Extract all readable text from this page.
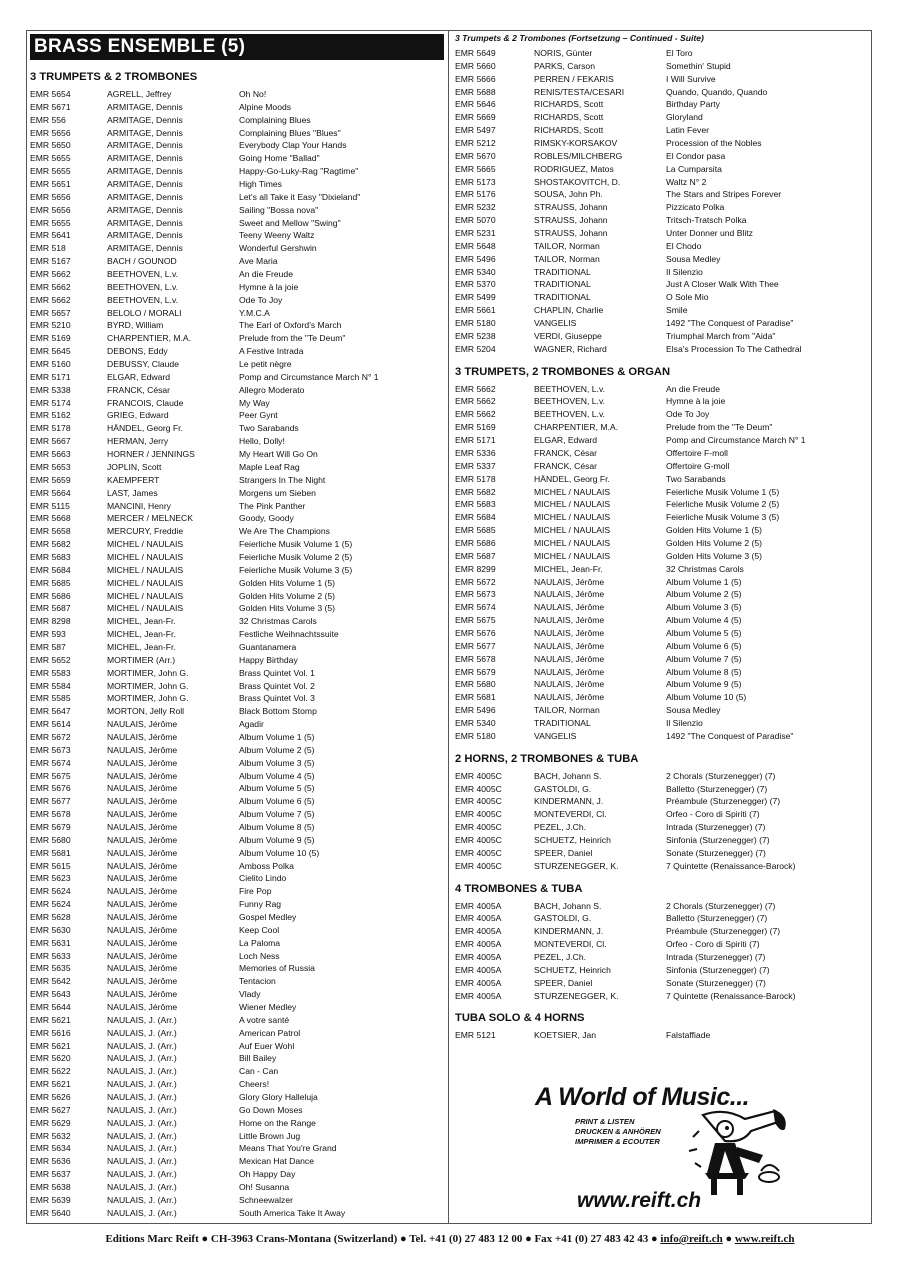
BRASS ENSEMBLE (5)
3 TRUMPETS & 2 TROMBONES
EMR 5654	AGRELL, Jeffrey	Oh No!
EMR 5671	ARMITAGE, Dennis	Alpine Moods
EMR 556	ARMITAGE, Dennis	Complaining Blues
EMR 5656	ARMITAGE, Dennis	Complaining Blues "Blues"
EMR 5650	ARMITAGE, Dennis	Everybody Clap Your Hands
EMR 5655	ARMITAGE, Dennis	Going Home "Ballad"
EMR 5655	ARMITAGE, Dennis	Happy-Go-Luky-Rag "Ragtime"
EMR 5651	ARMITAGE, Dennis	High Times
EMR 5656	ARMITAGE, Dennis	Let's all Take it Easy "Dixieland"
EMR 5656	ARMITAGE, Dennis	Sailing "Bossa nova"
EMR 5655	ARMITAGE, Dennis	Sweet and Mellow "Swing"
EMR 5641	ARMITAGE, Dennis	Teeny Weeny Waltz
EMR 518	ARMITAGE, Dennis	Wonderful Gershwin
EMR 5167	BACH / GOUNOD	Ave Maria
EMR 5662	BEETHOVEN, L.v.	An die Freude
EMR 5662	BEETHOVEN, L.v.	Hymne à la joie
EMR 5662	BEETHOVEN, L.v.	Ode To Joy
EMR 5657	BELOLO / MORALI	Y.M.C.A
EMR 5210	BYRD, William	The Earl of Oxford's March
EMR 5169	CHARPENTIER, M.A.	Prelude from the "Te Deum"
EMR 5645	DEBONS, Eddy	A Festive Intrada
EMR 5160	DEBUSSY, Claude	Le petit nègre
EMR 5171	ELGAR, Edward	Pomp and Circumstance March N° 1
EMR 5338	FRANCK, César	Allegro Moderato
EMR 5174	FRANCOIS, Claude	My Way
EMR 5162	GRIEG, Edward	Peer Gynt
EMR 5178	HÄNDEL, Georg Fr.	Two Sarabands
EMR 5667	HERMAN, Jerry	Hello, Dolly!
EMR 5663	HORNER / JENNINGS	My Heart Will Go On
EMR 5653	JOPLIN, Scott	Maple Leaf Rag
EMR 5659	KAEMPFERT	Strangers In The Night
EMR 5664	LAST, James	Morgens um Sieben
EMR 5115	MANCINI, Henry	The Pink Panther
EMR 5668	MERCER / MELNECK	Goody, Goody
EMR 5658	MERCURY, Freddie	We Are The Champions
EMR 5682	MICHEL / NAULAIS	Feierliche Musik Volume 1 (5)
EMR 5683	MICHEL / NAULAIS	Feierliche Musik Volume 2 (5)
EMR 5684	MICHEL / NAULAIS	Feierliche Musik Volume 3 (5)
EMR 5685	MICHEL / NAULAIS	Golden Hits Volume 1 (5)
EMR 5686	MICHEL / NAULAIS	Golden Hits Volume 2 (5)
EMR 5687	MICHEL / NAULAIS	Golden Hits Volume 3 (5)
EMR 8298	MICHEL, Jean-Fr.	32 Christmas Carols
EMR 593	MICHEL, Jean-Fr.	Festliche Weihnachtssuite
EMR 587	MICHEL, Jean-Fr.	Guantanamera
EMR 5652	MORTIMER (Arr.)	Happy Birthday
EMR 5583	MORTIMER, John G.	Brass Quintet Vol. 1
EMR 5584	MORTIMER, John G.	Brass Quintet Vol. 2
EMR 5585	MORTIMER, John G.	Brass Quintet Vol. 3
EMR 5647	MORTON, Jelly Roll	Black Bottom Stomp
EMR 5614	NAULAIS, Jérôme	Agadir
EMR 5672	NAULAIS, Jérôme	Album Volume 1 (5)
EMR 5673	NAULAIS, Jérôme	Album Volume 2 (5)
EMR 5674	NAULAIS, Jérôme	Album Volume 3 (5)
EMR 5675	NAULAIS, Jérôme	Album Volume 4 (5)
EMR 5676	NAULAIS, Jérôme	Album Volume 5 (5)
EMR 5677	NAULAIS, Jérôme	Album Volume 6 (5)
EMR 5678	NAULAIS, Jérôme	Album Volume 7 (5)
EMR 5679	NAULAIS, Jérôme	Album Volume 8 (5)
EMR 5680	NAULAIS, Jérôme	Album Volume 9 (5)
EMR 5681	NAULAIS, Jérôme	Album Volume 10 (5)
EMR 5615	NAULAIS, Jérôme	Amboss Polka
EMR 5623	NAULAIS, Jérôme	Cielito Lindo
EMR 5624	NAULAIS, Jérôme	Fire Pop
EMR 5624	NAULAIS, Jérôme	Funny Rag
EMR 5628	NAULAIS, Jérôme	Gospel Medley
EMR 5630	NAULAIS, Jérôme	Keep Cool
EMR 5631	NAULAIS, Jérôme	La Paloma
EMR 5633	NAULAIS, Jérôme	Loch Ness
EMR 5635	NAULAIS, Jérôme	Memories of Russia
EMR 5642	NAULAIS, Jérôme	Tentacion
EMR 5643	NAULAIS, Jérôme	Vlady
EMR 5644	NAULAIS, Jérôme	Wiener Medley
EMR 5621	NAULAIS, J. (Arr.)	A votre santé
EMR 5616	NAULAIS, J. (Arr.)	American Patrol
EMR 5621	NAULAIS, J. (Arr.)	Auf Euer Wohl
EMR 5620	NAULAIS, J. (Arr.)	Bill Bailey
EMR 5622	NAULAIS, J. (Arr.)	Can - Can
EMR 5621	NAULAIS, J. (Arr.)	Cheers!
EMR 5626	NAULAIS, J. (Arr.)	Glory Glory Halleluja
EMR 5627	NAULAIS, J. (Arr.)	Go Down Moses
EMR 5629	NAULAIS, J. (Arr.)	Home on the Range
EMR 5632	NAULAIS, J. (Arr.)	Little Brown Jug
EMR 5634	NAULAIS, J. (Arr.)	Means That You're Grand
EMR 5636	NAULAIS, J. (Arr.)	Mexican Hat Dance
EMR 5637	NAULAIS, J. (Arr.)	Oh Happy Day
EMR 5638	NAULAIS, J. (Arr.)	Oh! Susanna
EMR 5639	NAULAIS, J. (Arr.)	Schneewalzer
EMR 5640	NAULAIS, J. (Arr.)	South America Take It Away
3 Trumpets & 2 Trombones (Fortsetzung – Continued - Suite)
EMR 5649	NORIS, Günter	El Toro
EMR 5660	PARKS, Carson	Somethin' Stupid
EMR 5666	PERREN / FEKARIS	I Will Survive
EMR 5688	RENIS/TESTA/CESARI	Quando, Quando, Quando
EMR 5646	RICHARDS, Scott	Birthday Party
EMR 5669	RICHARDS, Scott	Gloryland
EMR 5497	RICHARDS, Scott	Latin Fever
EMR 5212	RIMSKY-KORSAKOV	Procession of the Nobles
EMR 5670	ROBLES/MILCHBERG	El Condor pasa
EMR 5665	RODRIGUEZ, Matos	La Cumparsita
EMR 5173	SHOSTAKOVITCH, D.	Waltz N° 2
EMR 5176	SOUSA, John Ph.	The Stars and Stripes Forever
EMR 5232	STRAUSS, Johann	Pizzicato Polka
EMR 5070	STRAUSS, Johann	Tritsch-Tratsch Polka
EMR 5231	STRAUSS, Johann	Unter Donner und Blitz
EMR 5648	TAILOR, Norman	El Chodo
EMR 5496	TAILOR, Norman	Sousa Medley
EMR 5340	TRADITIONAL	Il Silenzio
EMR 5370	TRADITIONAL	Just A Closer Walk With Thee
EMR 5499	TRADITIONAL	O Sole Mio
EMR 5661	CHAPLIN, Charlie	Smile
EMR 5180	VANGELIS	1492 "The Conquest of Paradise"
EMR 5238	VERDI, Giuseppe	Triumphal March from "Aida"
EMR 5204	WAGNER, Richard	Elsa's Procession To The Cathedral
3 TRUMPETS, 2 TROMBONES & ORGAN
EMR 5662	BEETHOVEN, L.v.	An die Freude
EMR 5662	BEETHOVEN, L.v.	Hymne à la joie
EMR 5662	BEETHOVEN, L.v.	Ode To Joy
EMR 5169	CHARPENTIER, M.A.	Prelude from the "Te Deum"
EMR 5171	ELGAR, Edward	Pomp and Circumstance March N° 1
EMR 5336	FRANCK, César	Offertoire F-moll
EMR 5337	FRANCK, César	Offertoire G-moll
EMR 5178	HÄNDEL, Georg Fr.	Two Sarabands
EMR 5682	MICHEL / NAULAIS	Feierliche Musik Volume 1 (5)
EMR 5683	MICHEL / NAULAIS	Feierliche Musik Volume 2 (5)
EMR 5684	MICHEL / NAULAIS	Feierliche Musik Volume 3 (5)
EMR 5685	MICHEL / NAULAIS	Golden Hits Volume 1 (5)
EMR 5686	MICHEL / NAULAIS	Golden Hits Volume 2 (5)
EMR 5687	MICHEL / NAULAIS	Golden Hits Volume 3 (5)
EMR 8299	MICHEL, Jean-Fr.	32 Christmas Carols
EMR 5672	NAULAIS, Jérôme	Album Volume 1 (5)
EMR 5673	NAULAIS, Jérôme	Album Volume 2 (5)
EMR 5674	NAULAIS, Jérôme	Album Volume 3 (5)
EMR 5675	NAULAIS, Jérôme	Album Volume 4 (5)
EMR 5676	NAULAIS, Jérôme	Album Volume 5 (5)
EMR 5677	NAULAIS, Jérôme	Album Volume 6 (5)
EMR 5678	NAULAIS, Jérôme	Album Volume 7 (5)
EMR 5679	NAULAIS, Jérôme	Album Volume 8 (5)
EMR 5680	NAULAIS, Jérôme	Album Volume 9 (5)
EMR 5681	NAULAIS, Jérôme	Album Volume 10 (5)
EMR 5496	TAILOR, Norman	Sousa Medley
EMR 5340	TRADITIONAL	Il Silenzio
EMR 5180	VANGELIS	1492 "The Conquest of Paradise"
2 HORNS, 2 TROMBONES & TUBA
EMR 4005C	BACH, Johann S.	2 Chorals (Sturzenegger) (7)
EMR 4005C	GASTOLDI, G.	Balletto (Sturzenegger) (7)
EMR 4005C	KINDERMANN, J.	Préambule (Sturzenegger) (7)
EMR 4005C	MONTEVERDI, Cl.	Orfeo - Coro di Spiriti (7)
EMR 4005C	PEZEL, J.Ch.	Intrada (Sturzenegger) (7)
EMR 4005C	SCHUETZ, Heinrich	Sinfonia (Sturzenegger) (7)
EMR 4005C	SPEER, Daniel	Sonate (Sturzenegger) (7)
EMR 4005C	STURZENEGGER, K.	7 Quintette (Renaissance-Barock)
4 TROMBONES & TUBA
EMR 4005A	BACH, Johann S.	2 Chorals (Sturzenegger) (7)
EMR 4005A	GASTOLDI, G.	Balletto (Sturzenegger) (7)
EMR 4005A	KINDERMANN, J.	Préambule (Sturzenegger) (7)
EMR 4005A	MONTEVERDI, Cl.	Orfeo - Coro di Spiriti (7)
EMR 4005A	PEZEL, J.Ch.	Intrada (Sturzenegger) (7)
EMR 4005A	SCHUETZ, Heinrich	Sinfonia (Sturzenegger) (7)
EMR 4005A	SPEER, Daniel	Sonate (Sturzenegger) (7)
EMR 4005A	STURZENEGGER, K.	7 Quintette (Renaissance-Barock)
TUBA SOLO & 4 HORNS
EMR 5121	KOETSIER, Jan	Falstaffiade
A World of Music...
PRINT & LISTEN
DRUCKEN & ANHÖREN
IMPRIMER & ECOUTER
www.reift.ch
Editions Marc Reift ● CH-3963 Crans-Montana (Switzerland) ● Tel. +41 (0) 27 483 12 00 ● Fax +41 (0) 27 483 42 43 ● info@reift.ch ● www.reift.ch
